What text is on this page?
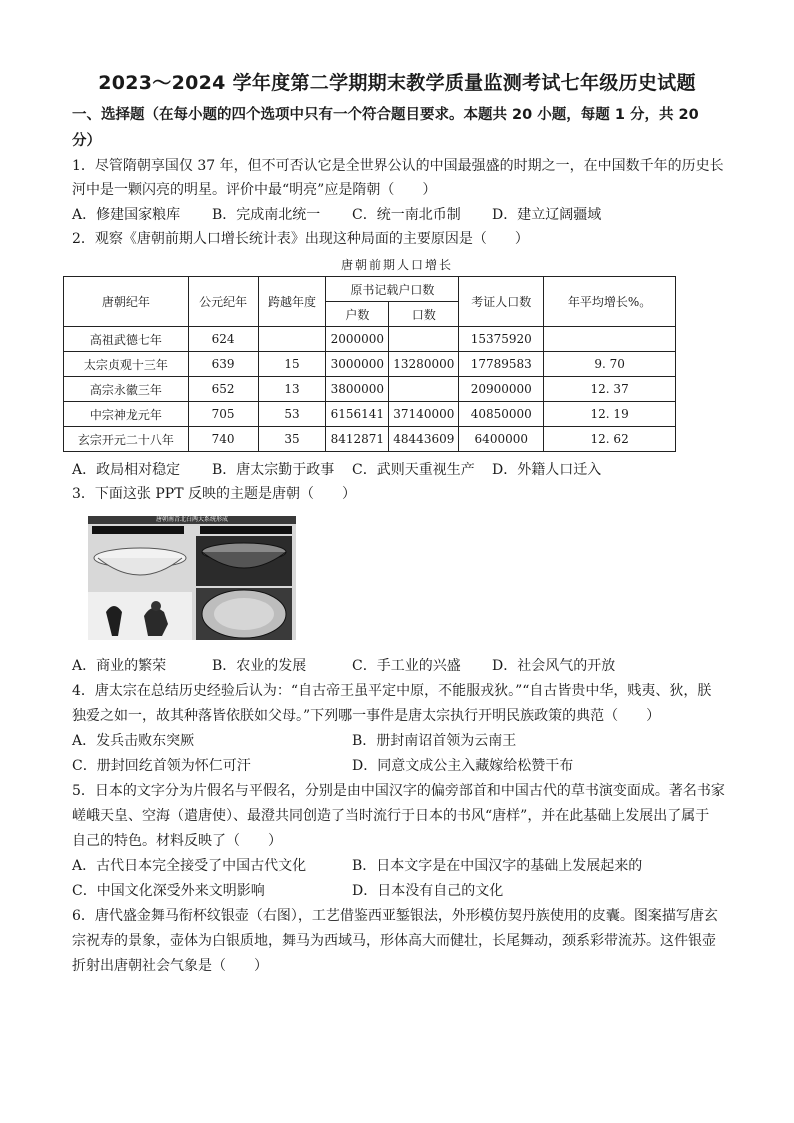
2023～2024 学年度第二学期期末教学质量监测考试七年级历史试题
一、选择题（在每小题的四个选项中只有一个符合题目要求。本题共 20 小题，每题 1 分，共 20 分）
1．尽管隋朝享国仅 37 年，但不可否认它是全世界公认的中国最强盛的时期之一，在中国数千年的历史长
河中是一颗闪亮的明星。评价中最“明亮”应是隋朝（　　）
A．修建国家粮库 B．完成南北统一 C．统一南北币制 D．建立辽阔疆域
2．观察《唐朝前期人口增长统计表》出现这种局面的主要原因是（　　）
唐朝前期人口增长
唐朝纪年	公元纪年	跨越年度	原书记载户口数		考证人口数	年平均增长%。
			户数	口数		
高祖武德七年	624		2000000		15375920	
太宗贞观十三年	639	15	3000000	13280000	17789583	9. 70
高宗永徽三年	652	13	3800000		20900000	12. 37
中宗神龙元年	705	53	6156141	37140000	40850000	12. 19
玄宗开元二十八年	740	35	8412871	48443609	6400000	12. 62
A．政局相对稳定 B．唐太宗勤于政事 C．武则天重视生产 D．外籍人口迁入
3．下面这张 PPT 反映的主题是唐朝（　　）
唐朝南青北白两大系统形成
A．商业的繁荣	B．农业的发展	C．手工业的兴盛 D．社会风气的开放
4．唐太宗在总结历史经验后认为：“自古帝王虽平定中原，不能服戎狄。”“自古皆贵中华，贱夷、狄，朕
独爱之如一，故其种落皆依朕如父母。”下列哪一事件是唐太宗执行开明民族政策的典范（　　）
A．发兵击败东突厥	B．册封南诏首领为云南王
C．册封回纥首领为怀仁可汗	D．同意文成公主入藏嫁给松赞干布
5．日本的文字分为片假名与平假名，分别是由中国汉字的偏旁部首和中国古代的草书演变面成。著名书家
嵯峨天皇、空海（遣唐使）、最澄共同创造了当时流行于日本的书风“唐样”，并在此基础上发展出了属于
自己的特色。材料反映了（　　）
A．古代日本完全接受了中国古代文化	B．日本文字是在中国汉字的基础上发展起来的
C．中国文化深受外来文明影响	D．日本没有自己的文化
6．唐代盛金舞马衔杯纹银壶（右图），工艺借鉴西亚錾银法，外形模仿契丹族使用的皮囊。图案描写唐玄
宗祝寿的景象，壶体为白银质地，舞马为西域马，形体高大而健壮，长尾舞动，颈系彩带流苏。这件银壶
折射出唐朝社会气象是（　　）
